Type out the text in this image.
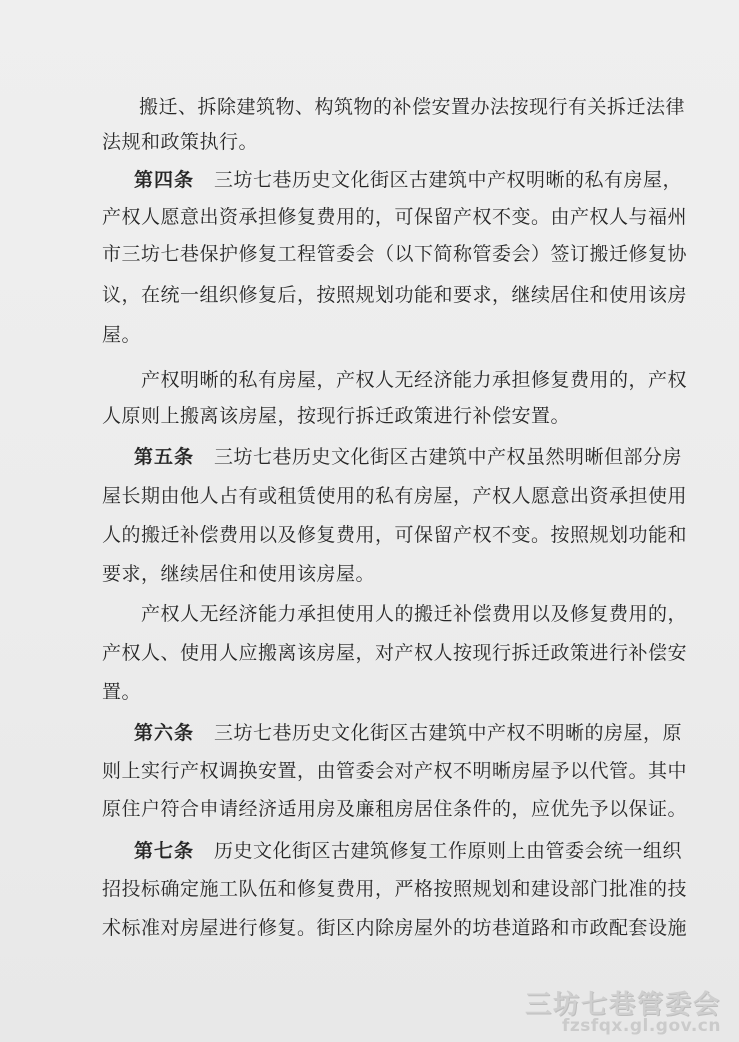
搬迁、拆除建筑物、构筑物的补偿安置办法按现行有关拆迁法律
法规和政策执行。
第四条 三坊七巷历史文化街区古建筑中产权明晰的私有房屋，
产权人愿意出资承担修复费用的，可保留产权不变。由产权人与福州
市三坊七巷保护修复工程管委会（以下简称管委会）签订搬迁修复协
议，在统一组织修复后，按照规划功能和要求，继续居住和使用该房
屋。
产权明晰的私有房屋，产权人无经济能力承担修复费用的，产权
人原则上搬离该房屋，按现行拆迁政策进行补偿安置。
第五条 三坊七巷历史文化街区古建筑中产权虽然明晰但部分房
屋长期由他人占有或租赁使用的私有房屋，产权人愿意出资承担使用
人的搬迁补偿费用以及修复费用，可保留产权不变。按照规划功能和
要求，继续居住和使用该房屋。
产权人无经济能力承担使用人的搬迁补偿费用以及修复费用的，
产权人、使用人应搬离该房屋，对产权人按现行拆迁政策进行补偿安
置。
第六条 三坊七巷历史文化街区古建筑中产权不明晰的房屋，原
则上实行产权调换安置，由管委会对产权不明晰房屋予以代管。其中
原住户符合申请经济适用房及廉租房居住条件的，应优先予以保证。
第七条 历史文化街区古建筑修复工作原则上由管委会统一组织
招投标确定施工队伍和修复费用，严格按照规划和建设部门批准的技
术标准对房屋进行修复。街区内除房屋外的坊巷道路和市政配套设施
三坊七巷管委会
fzsfqx.gl.gov.cn
